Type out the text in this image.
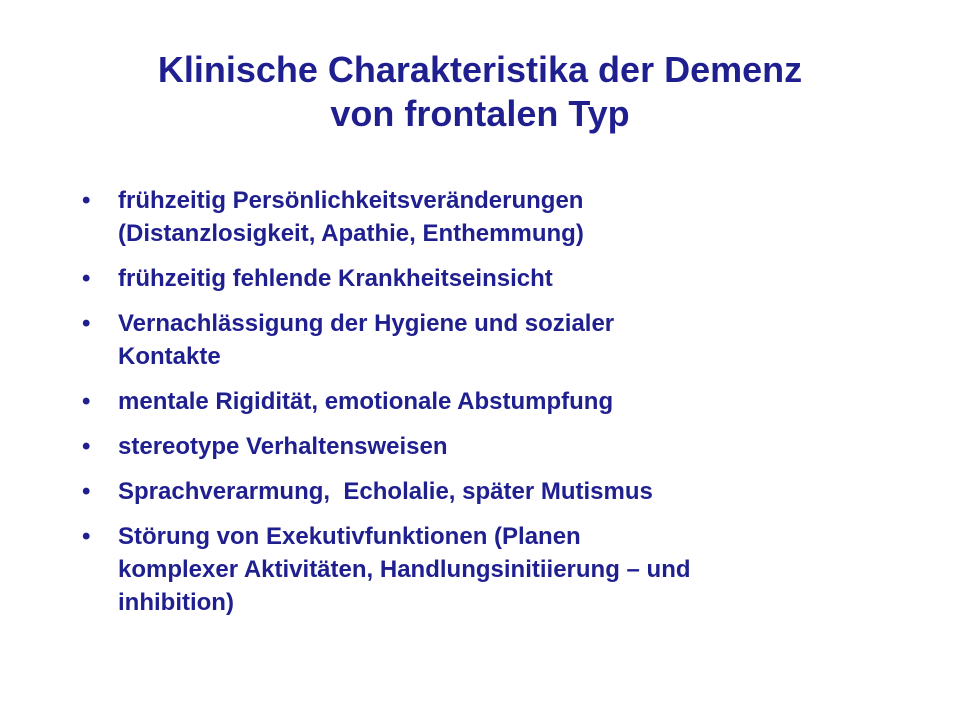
Klinische Charakteristika der Demenz
von frontalen Typ
•	frühzeitig Persönlichkeitsveränderungen
(Distanzlosigkeit, Apathie, Enthemmung)
•	frühzeitig fehlende Krankheitseinsicht
•	Vernachlässigung der Hygiene und sozialer
Kontakte
•	mentale Rigidität, emotionale Abstumpfung
•	stereotype Verhaltensweisen
•	Sprachverarmung,  Echolalie, später Mutismus
•	Störung von Exekutivfunktionen (Planen
komplexer Aktivitäten, Handlungsinitiierung – und
inhibition)
